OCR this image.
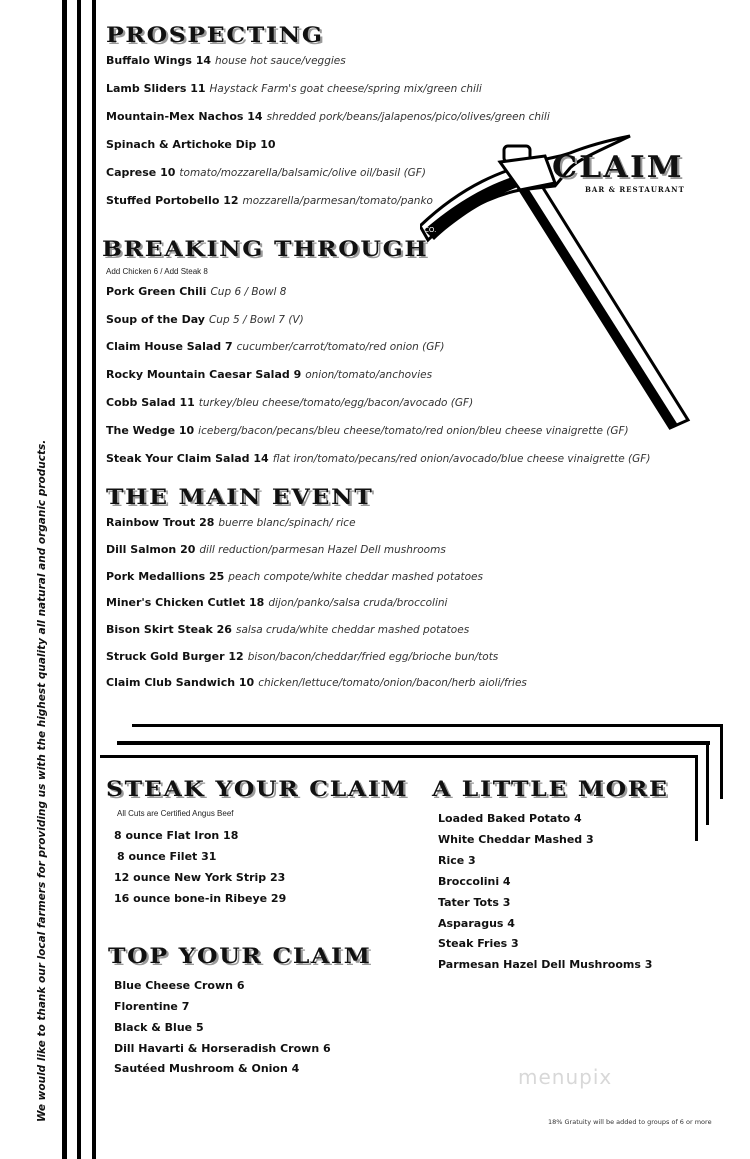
We would like to thank our local farmers for providing us with the highest quality all natural and organic products.
CO.
CLAIM
BAR & RESTAURANT
PROSPECTING
Buffalo Wings 14 house hot sauce/veggies
Lamb Sliders 11 Haystack Farm's goat cheese/spring mix/green chili
Mountain-Mex Nachos 14 shredded pork/beans/jalapenos/pico/olives/green chili
Spinach & Artichoke Dip 10
Caprese 10 tomato/mozzarella/balsamic/olive oil/basil (GF)
Stuffed Portobello 12 mozzarella/parmesan/tomato/panko
BREAKING THROUGH
Add Chicken 6 / Add Steak 8
Pork Green Chili Cup 6 / Bowl 8
Soup of the Day Cup 5 / Bowl 7 (V)
Claim House Salad 7 cucumber/carrot/tomato/red onion (GF)
Rocky Mountain Caesar Salad 9 onion/tomato/anchovies
Cobb Salad 11 turkey/bleu cheese/tomato/egg/bacon/avocado (GF)
The Wedge 10 iceberg/bacon/pecans/bleu cheese/tomato/red onion/bleu cheese vinaigrette (GF)
Steak Your Claim Salad 14 flat iron/tomato/pecans/red onion/avocado/blue cheese vinaigrette (GF)
THE MAIN EVENT
Rainbow Trout 28 buerre blanc/spinach/ rice
Dill Salmon 20 dill reduction/parmesan Hazel Dell mushrooms
Pork Medallions 25 peach compote/white cheddar mashed potatoes
Miner's Chicken Cutlet 18 dijon/panko/salsa cruda/broccolini
Bison Skirt Steak 26 salsa cruda/white cheddar mashed potatoes
Struck Gold Burger 12 bison/bacon/cheddar/fried egg/brioche bun/tots
Claim Club Sandwich 10 chicken/lettuce/tomato/onion/bacon/herb aioli/fries
STEAK YOUR CLAIM
All Cuts are Certified Angus Beef
8 ounce Flat Iron 18
8 ounce Filet 31
12 ounce New York Strip 23
16 ounce bone-in Ribeye 29
A LITTLE MORE
Loaded Baked Potato 4
White Cheddar Mashed 3
Rice 3
Broccolini 4
Tater Tots 3
Asparagus 4
Steak Fries 3
Parmesan Hazel Dell Mushrooms 3
TOP YOUR CLAIM
Blue Cheese Crown 6
Florentine 7
Black & Blue 5
Dill Havarti & Horseradish Crown 6
Sautéed Mushroom & Onion 4	menupix
18% Gratuity will be added to groups of 6 or more
